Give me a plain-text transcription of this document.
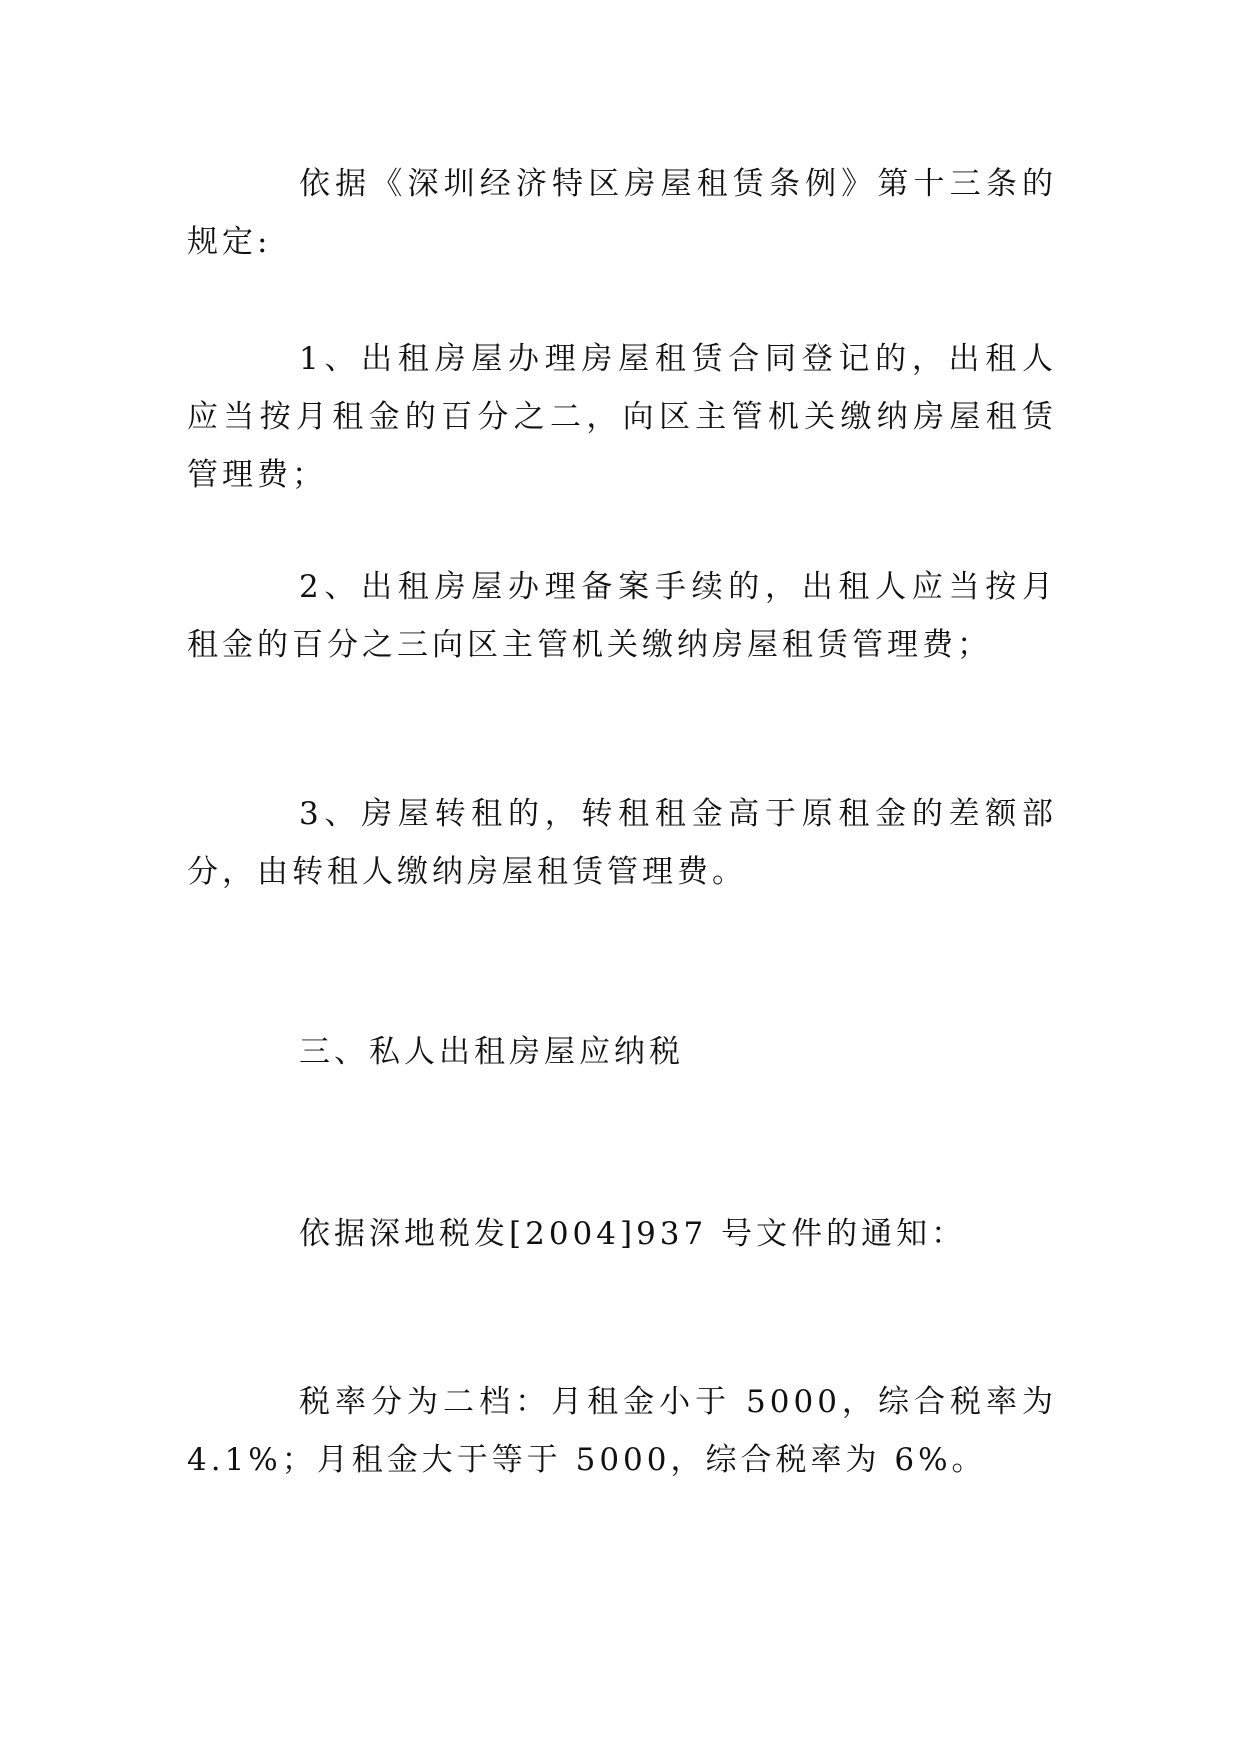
依据《深圳经济特区房屋租赁条例》第十三条的规定:

1、出租房屋办理房屋租赁合同登记的，出租人应当按月租金的百分之二，向区主管机关缴纳房屋租赁管理费；

2、出租房屋办理备案手续的，出租人应当按月租金的百分之三向区主管机关缴纳房屋租赁管理费；

3、房屋转租的，转租租金高于原租金的差额部分，由转租人缴纳房屋租赁管理费。

三、私人出租房屋应纳税

依据深地税发[2004]937 号文件的通知：

税率分为二档：月租金小于 5000，综合税率为 4.1%；月租金大于等于 5000，综合税率为 6%。
